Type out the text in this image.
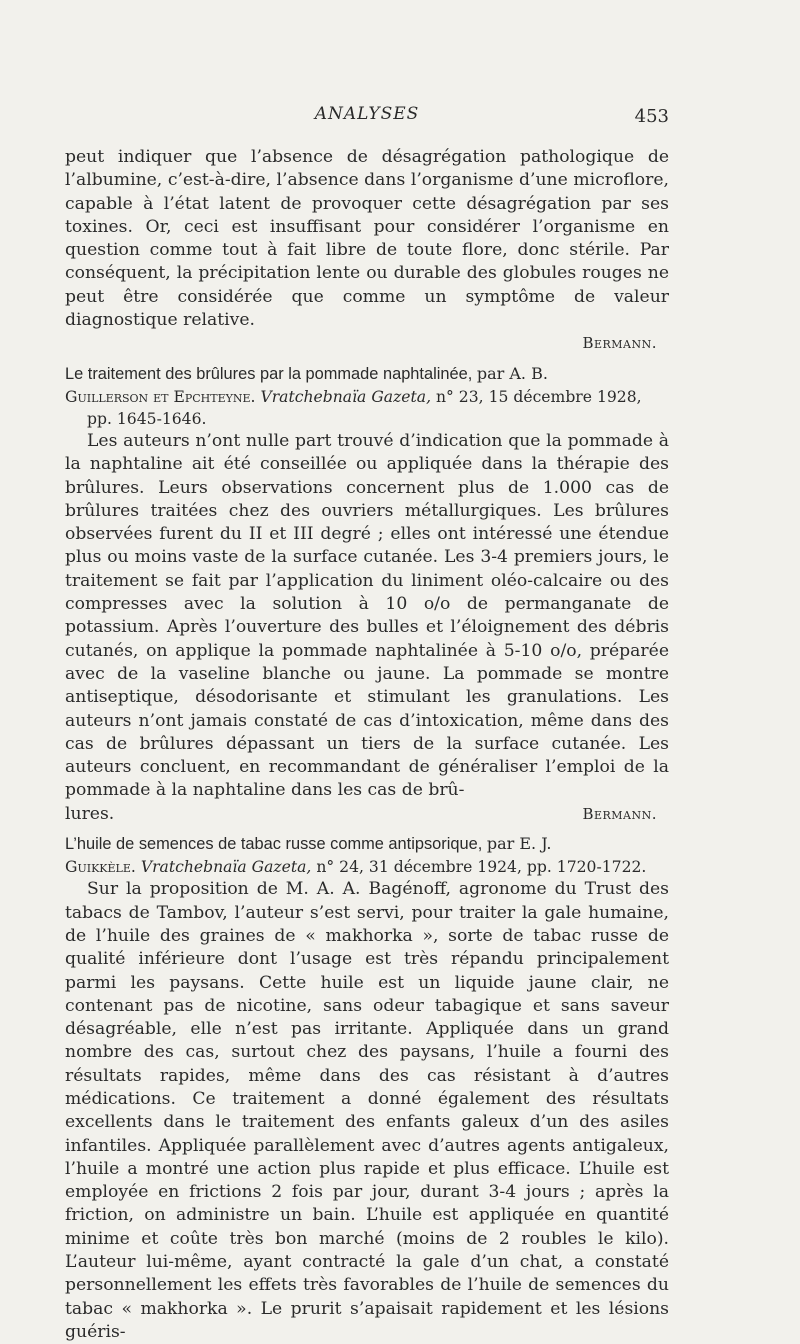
ANALYSES	453

peut indiquer que l’absence de désagrégation pathologique de l’albumine, c’est-à-dire, l’absence dans l’organisme d’une microflore, capable à l’état latent de provoquer cette désagrégation par ses toxines. Or, ceci est insuffisant pour considérer l’organisme en question comme tout à fait libre de toute flore, donc stérile. Par conséquent, la précipitation lente ou durable des globules rouges ne peut être considérée que comme un symptôme de valeur diagnostique relative.

Bermann.

Le traitement des brûlures par la pommade naphtalinée, par A. B.

Guillerson et Epchteyne. Vratchebnaïa Gazeta, n° 23, 15 décembre 1928, pp. 1645-1646.

Les auteurs n’ont nulle part trouvé d’indication que la pommade à la naphtaline ait été conseillée ou appliquée dans la thérapie des brûlures. Leurs observations concernent plus de 1.000 cas de brûlures traitées chez des ouvriers métallurgiques. Les brûlures observées furent du II et III degré ; elles ont intéressé une étendue plus ou moins vaste de la surface cutanée. Les 3-4 premiers jours, le traitement se fait par l’application du liniment oléo-calcaire ou des compresses avec la solution à 10 o/o de permanganate de potassium. Après l’ouverture des bulles et l’éloignement des débris cutanés, on applique la pommade naphtalinée à 5-10 o/o, préparée avec de la vaseline blanche ou jaune. La pommade se montre antiseptique, désodorisante et stimulant les granulations. Les auteurs n’ont jamais constaté de cas d’intoxication, même dans des cas de brûlures dépassant un tiers de la surface cutanée. Les auteurs concluent, en recommandant de généraliser l’emploi de la pommade à la naphtaline dans les cas de brû-

lures.	Bermann.

L’huile de semences de tabac russe comme antipsorique, par E. J.

Guikkèle. Vratchebnaïa Gazeta, n° 24, 31 décembre 1924, pp. 1720-1722.

Sur la proposition de M. A. A. Bagénoff, agronome du Trust des tabacs de Tambov, l’auteur s’est servi, pour traiter la gale humaine, de l’huile des graines de « makhorka », sorte de tabac russe de qualité inférieure dont l’usage est très répandu principalement parmi les paysans. Cette huile est un liquide jaune clair, ne contenant pas de nicotine, sans odeur tabagique et sans saveur désagréable, elle n’est pas irritante. Appliquée dans un grand nombre des cas, surtout chez des paysans, l’huile a fourni des résultats rapides, même dans des cas résistant à d’autres médications. Ce traitement a donné également des résultats excellents dans le traitement des enfants galeux d’un des asiles infantiles. Appliquée parallèlement avec d’autres agents antigaleux, l’huile a montré une action plus rapide et plus efficace. L’huile est employée en frictions 2 fois par jour, durant 3-4 jours ; après la friction, on administre un bain. L’huile est appliquée en quantité minime et coûte très bon marché (moins de 2 roubles le kilo). L’auteur lui-même, ayant contracté la gale d’un chat, a constaté personnellement les effets très favorables de l’huile de semences du tabac « makhorka ». Le prurit s’apaisait rapidement et les lésions guéris-
